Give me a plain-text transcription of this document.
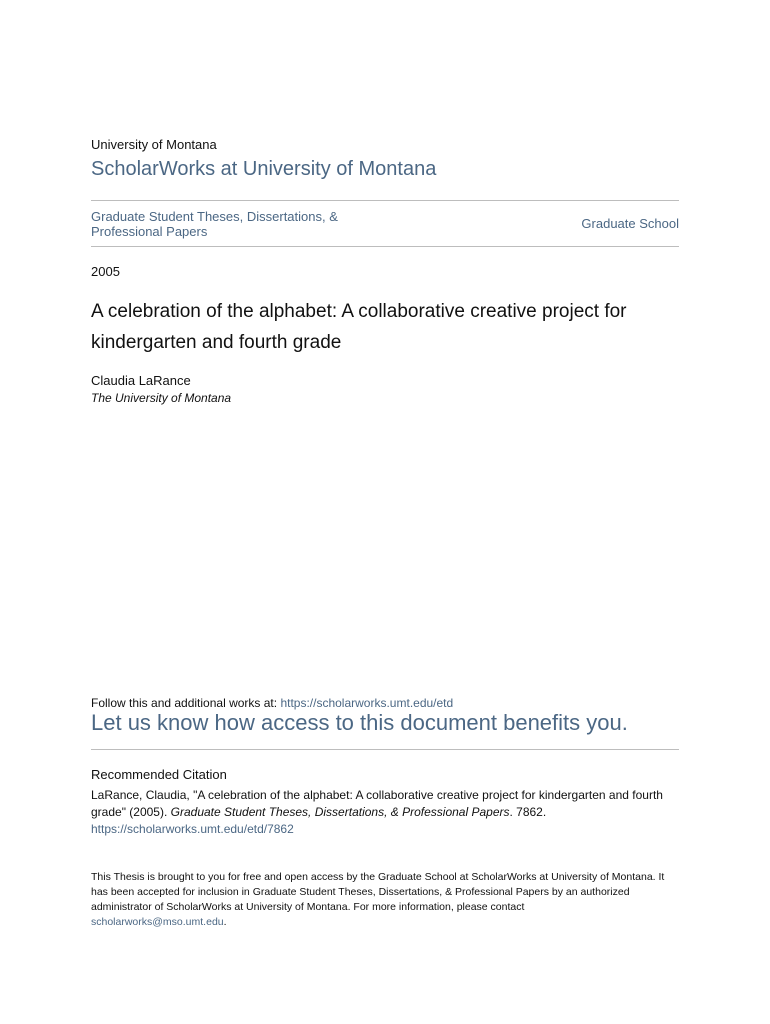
University of Montana
ScholarWorks at University of Montana
Graduate Student Theses, Dissertations, &
Professional Papers
Graduate School
2005
A celebration of the alphabet: A collaborative creative project for
kindergarten and fourth grade
Claudia LaRance
The University of Montana
Follow this and additional works at: https://scholarworks.umt.edu/etd
Let us know how access to this document benefits you.
Recommended Citation
LaRance, Claudia, "A celebration of the alphabet: A collaborative creative project for kindergarten and fourth grade" (2005). Graduate Student Theses, Dissertations, & Professional Papers. 7862.
https://scholarworks.umt.edu/etd/7862
This Thesis is brought to you for free and open access by the Graduate School at ScholarWorks at University of Montana. It has been accepted for inclusion in Graduate Student Theses, Dissertations, & Professional Papers by an authorized administrator of ScholarWorks at University of Montana. For more information, please contact
scholarworks@mso.umt.edu.
